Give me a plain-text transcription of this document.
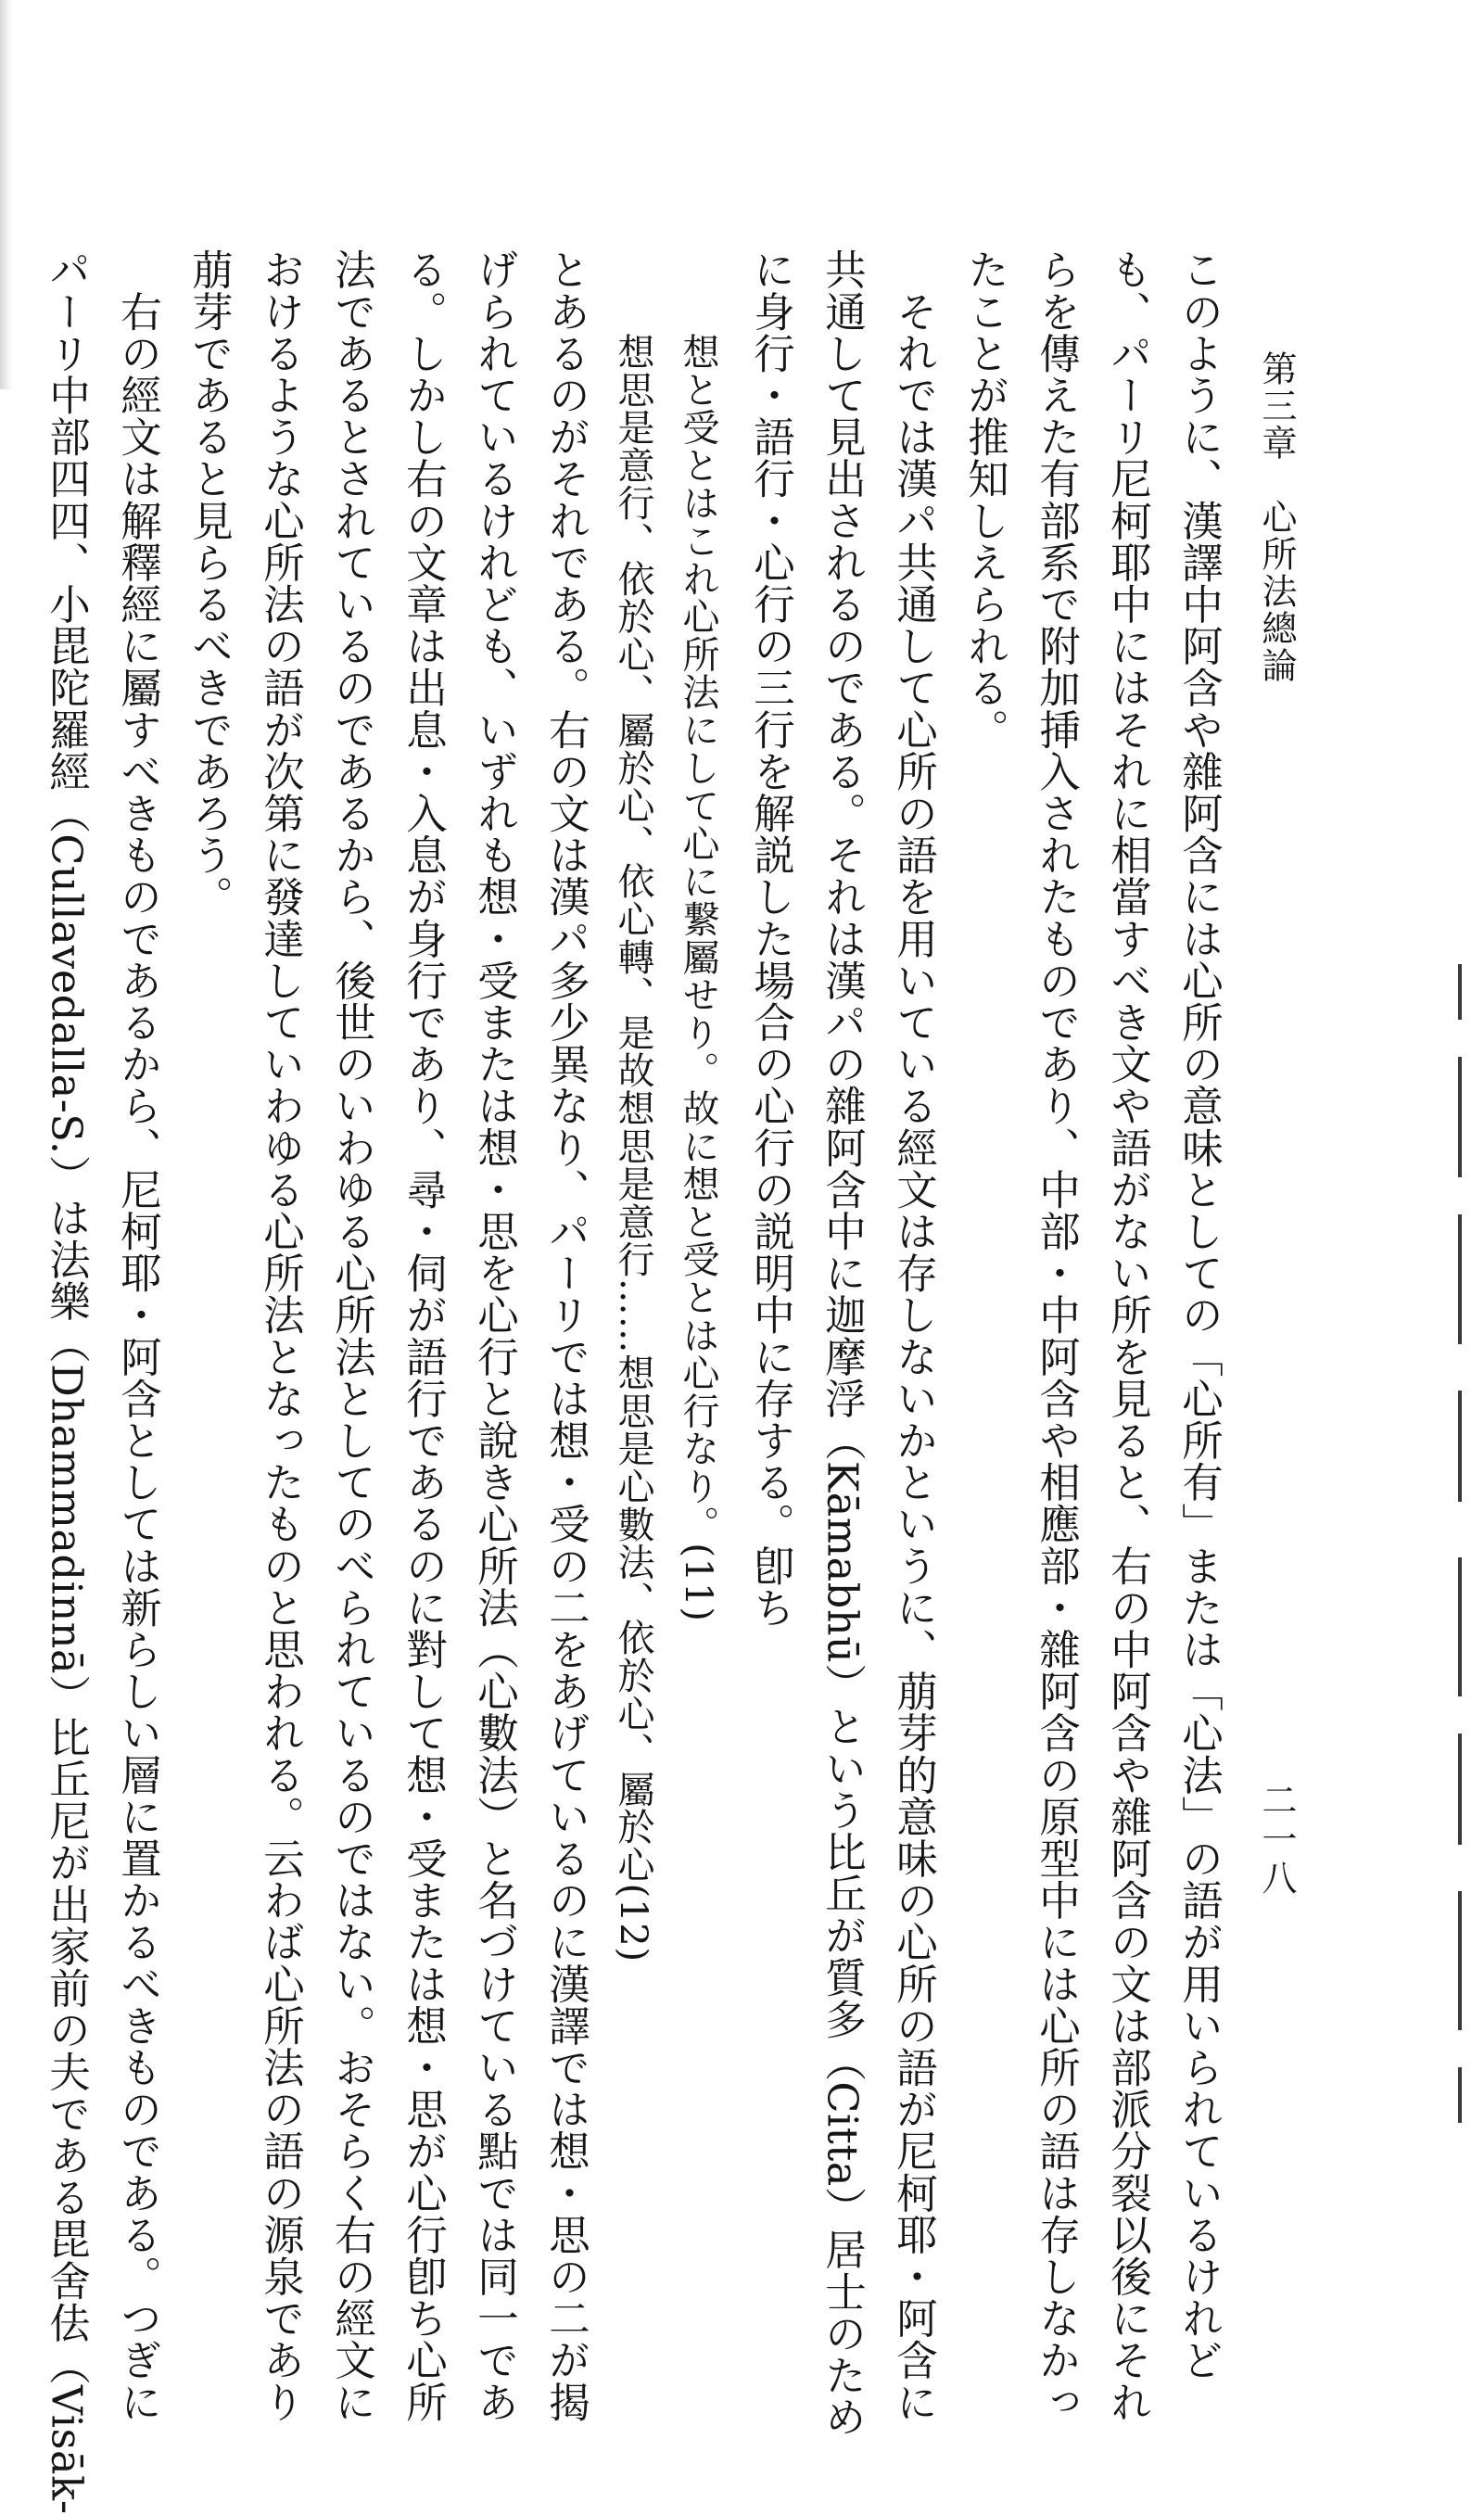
第三章　心所法總論
二一八
このように、漢譯中阿含や雜阿含には心所の意味としての「心所有」または「心法」の語が用いられているけれど
も、パーリ尼柯耶中にはそれに相當すべき文や語がない所を見ると、右の中阿含や雜阿含の文は部派分裂以後にそれ
らを傳えた有部系で附加挿入されたものであり、中部・中阿含や相應部・雜阿含の原型中には心所の語は存しなかっ
たことが推知しえられる。
　それでは漢パ共通して心所の語を用いている經文は存しないかというに、萠芽的意味の心所の語が尼柯耶・阿含に
共通して見出されるのである。それは漢パの雜阿含中に迦摩浮（Kāmabhū）という比丘が質多（Citta）居士のため
に身行・語行・心行の三行を解説した場合の心行の説明中に存する。卽ち
　想と受とはこれ心所法にして心に繋屬せり。故に想と受とは心行なり。(11)
　想思是意行、依於心、屬於心、依心轉、是故想思是意行……想思是心數法、依於心、屬於心(12)
とあるのがそれである。右の文は漢パ多少異なり、パーリでは想・受の二をあげているのに漢譯では想・思の二が揭
げられているけれども、いずれも想・受または想・思を心行と說き心所法（心數法）と名づけている點では同一であ
る。しかし右の文章は出息・入息が身行であり、尋・伺が語行であるのに對して想・受または想・思が心行卽ち心所
法であるとされているのであるから、後世のいわゆる心所法としてのべられているのではない。おそらく右の經文に
おけるような心所法の語が次第に發達していわゆる心所法となったものと思われる。云わば心所法の語の源泉であり
萠芽であると見らるべきであろう。
　右の經文は解釋經に屬すべきものであるから、尼柯耶・阿含としては新らしい層に置かるべきものである。つぎに
パーリ中部四四、小毘陀羅經（Cullavedalla-S.）は法樂（Dhammadinnā）比丘尼が出家前の夫である毘舍佉（Visāk-
